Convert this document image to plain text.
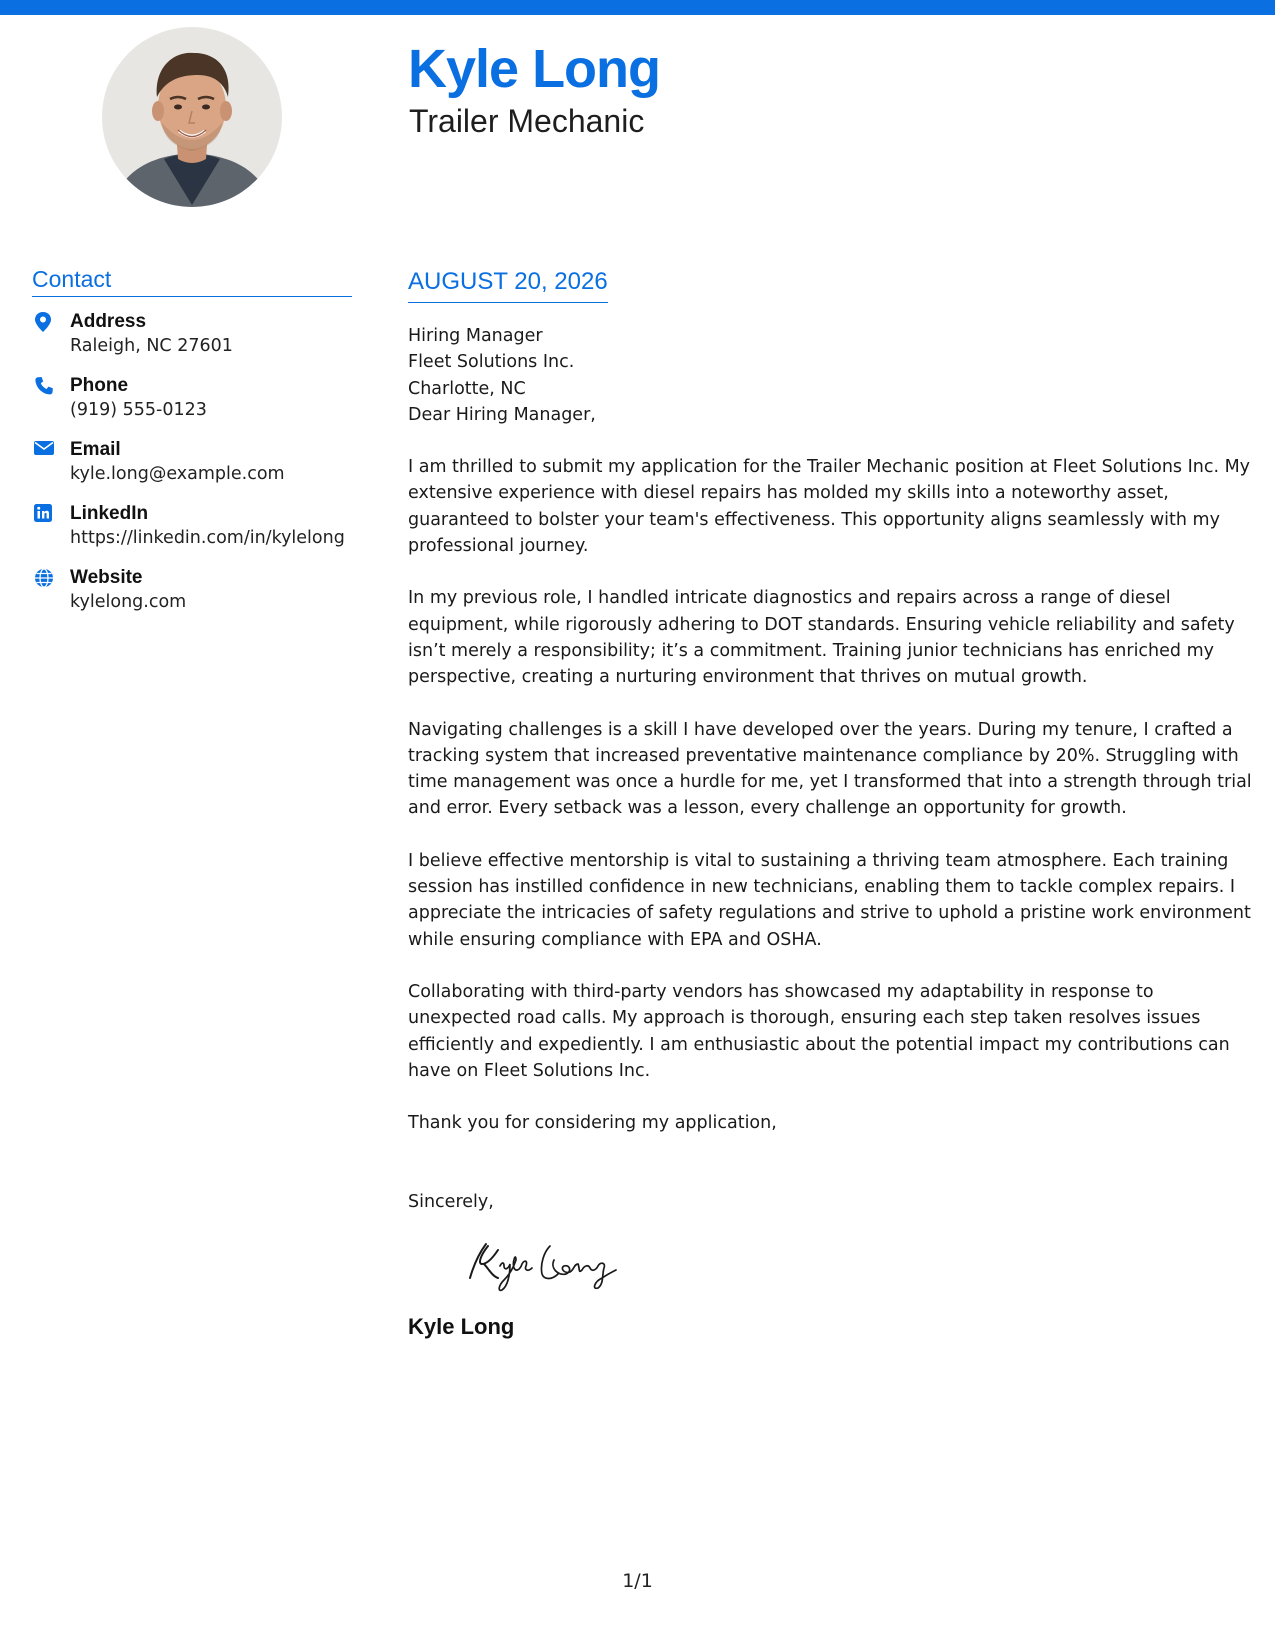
Kyle Long
Trailer Mechanic
Contact
Address
Raleigh, NC 27601
Phone
(919) 555-0123
Email
kyle.long@example.com
LinkedIn
https://linkedin.com/in/kylelong
Website
kylelong.com
AUGUST 20, 2026
Hiring Manager
Fleet Solutions Inc.
Charlotte, NC

Dear Hiring Manager,

I am thrilled to submit my application for the Trailer Mechanic position at Fleet Solutions Inc. My extensive experience with diesel repairs has molded my skills into a noteworthy asset, guaranteed to bolster your team's effectiveness. This opportunity aligns seamlessly with my professional journey.

In my previous role, I handled intricate diagnostics and repairs across a range of diesel equipment, while rigorously adhering to DOT standards. Ensuring vehicle reliability and safety isn’t merely a responsibility; it’s a commitment. Training junior technicians has enriched my perspective, creating a nurturing environment that thrives on mutual growth.

Navigating challenges is a skill I have developed over the years. During my tenure, I crafted a tracking system that increased preventative maintenance compliance by 20%. Struggling with time management was once a hurdle for me, yet I transformed that into a strength through trial and error. Every setback was a lesson, every challenge an opportunity for growth.

I believe effective mentorship is vital to sustaining a thriving team atmosphere. Each training session has instilled confidence in new technicians, enabling them to tackle complex repairs. I appreciate the intricacies of safety regulations and strive to uphold a pristine work environment while ensuring compliance with EPA and OSHA.

Collaborating with third-party vendors has showcased my adaptability in response to unexpected road calls. My approach is thorough, ensuring each step taken resolves issues efficiently and expediently. I am enthusiastic about the potential impact my contributions can have on Fleet Solutions Inc.

Thank you for considering my application,

Sincerely,

Kyle Long
1/1
